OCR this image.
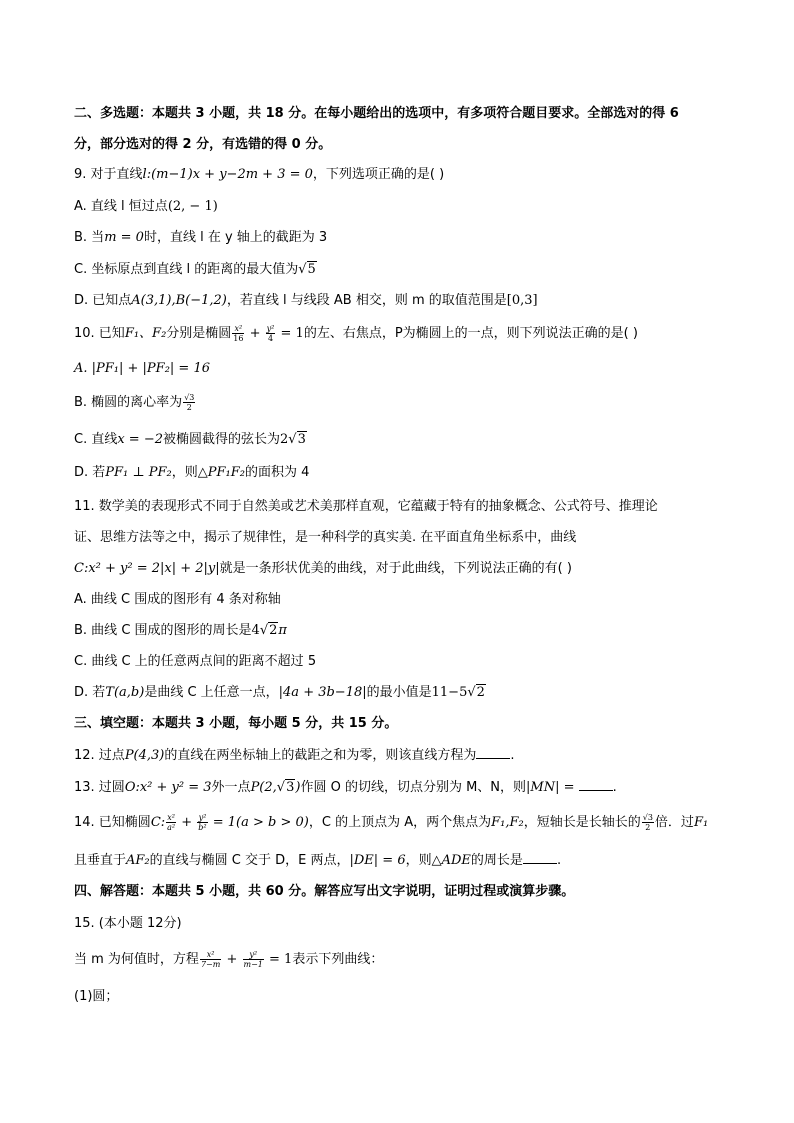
二、多选题：本题共 3 小题，共 18 分。在每小题给出的选项中，有多项符合题目要求。全部选对的得 6
分，部分选对的得 2 分，有选错的得 0 分。
9. 对于直线l:(m−1)x + y−2m + 3 = 0，下列选项正确的是( )
A. 直线 l 恒过点(2, − 1)
B. 当m = 0时，直线 l 在 y 轴上的截距为 3
C. 坐标原点到直线 l 的距离的最大值为√5
D. 已知点A(3,1),B(−1,2)，若直线 l 与线段 AB 相交，则 m 的取值范围是[0,3]
10. 已知F₁、F₂分别是椭圆 $\frac{\text{x²}}{16} + \frac{\text{y²}}{4} = 1$的左、右焦点，P为椭圆上的一点，则下列说法正确的是( )
A. |PF₁| + |PF₂| = 16
B. 椭圆的离心率为 $\frac{√3}{2}$
C. 直线x = −2被椭圆截得的弦长为2√3
D. 若PF₁ ⊥ PF₂，则△PF₁F₂的面积为 4
11. 数学美的表现形式不同于自然美或艺术美那样直观，它蕴藏于特有的抽象概念、公式符号、推理论
证、思维方法等之中，揭示了规律性，是一种科学的真实美. 在平面直角坐标系中，曲线
C:x² + y² = 2|x| + 2|y|就是一条形状优美的曲线，对于此曲线，下列说法正确的有( )
A. 曲线 C 围成的图形有 4 条对称轴
B. 曲线 C 围成的图形的周长是4√2π
C. 曲线 C 上的任意两点间的距离不超过 5
D. 若T(a,b)是曲线 C 上任意一点，|4a + 3b−18|的最小值是11−5√2
三、填空题：本题共 3 小题，每小题 5 分，共 15 分。
12. 过点P(4,3)的直线在两坐标轴上的截距之和为零，则该直线方程为	.
13. 过圆O:x² + y² = 3外一点P(2,√3)作圆 O 的切线，切点分别为 M、N，则|MN| =	.
14. 已知椭圆C: $\frac{\text{x²}}{\text{a²}} + \frac{\text{y²}}{\text{b²}} = 1(a > b > 0)$，C 的上顶点为 A，两个焦点为F₁,F₂，短轴长是长轴长的 $\frac{√3}{2}$ 倍．过F₁
且垂直于AF₂的直线与椭圆 C 交于 D，E 两点，|DE| = 6，则△ADE的周长是	.
四、解答题：本题共 5 小题，共 60 分。解答应写出文字说明，证明过程或演算步骤。
15. (本小题 12分)
当 m 为何值时，方程 $\frac{\text{x²}}{7-m} + \frac{\text{y²}}{m-1} = 1$表示下列曲线：
(1)圆；
